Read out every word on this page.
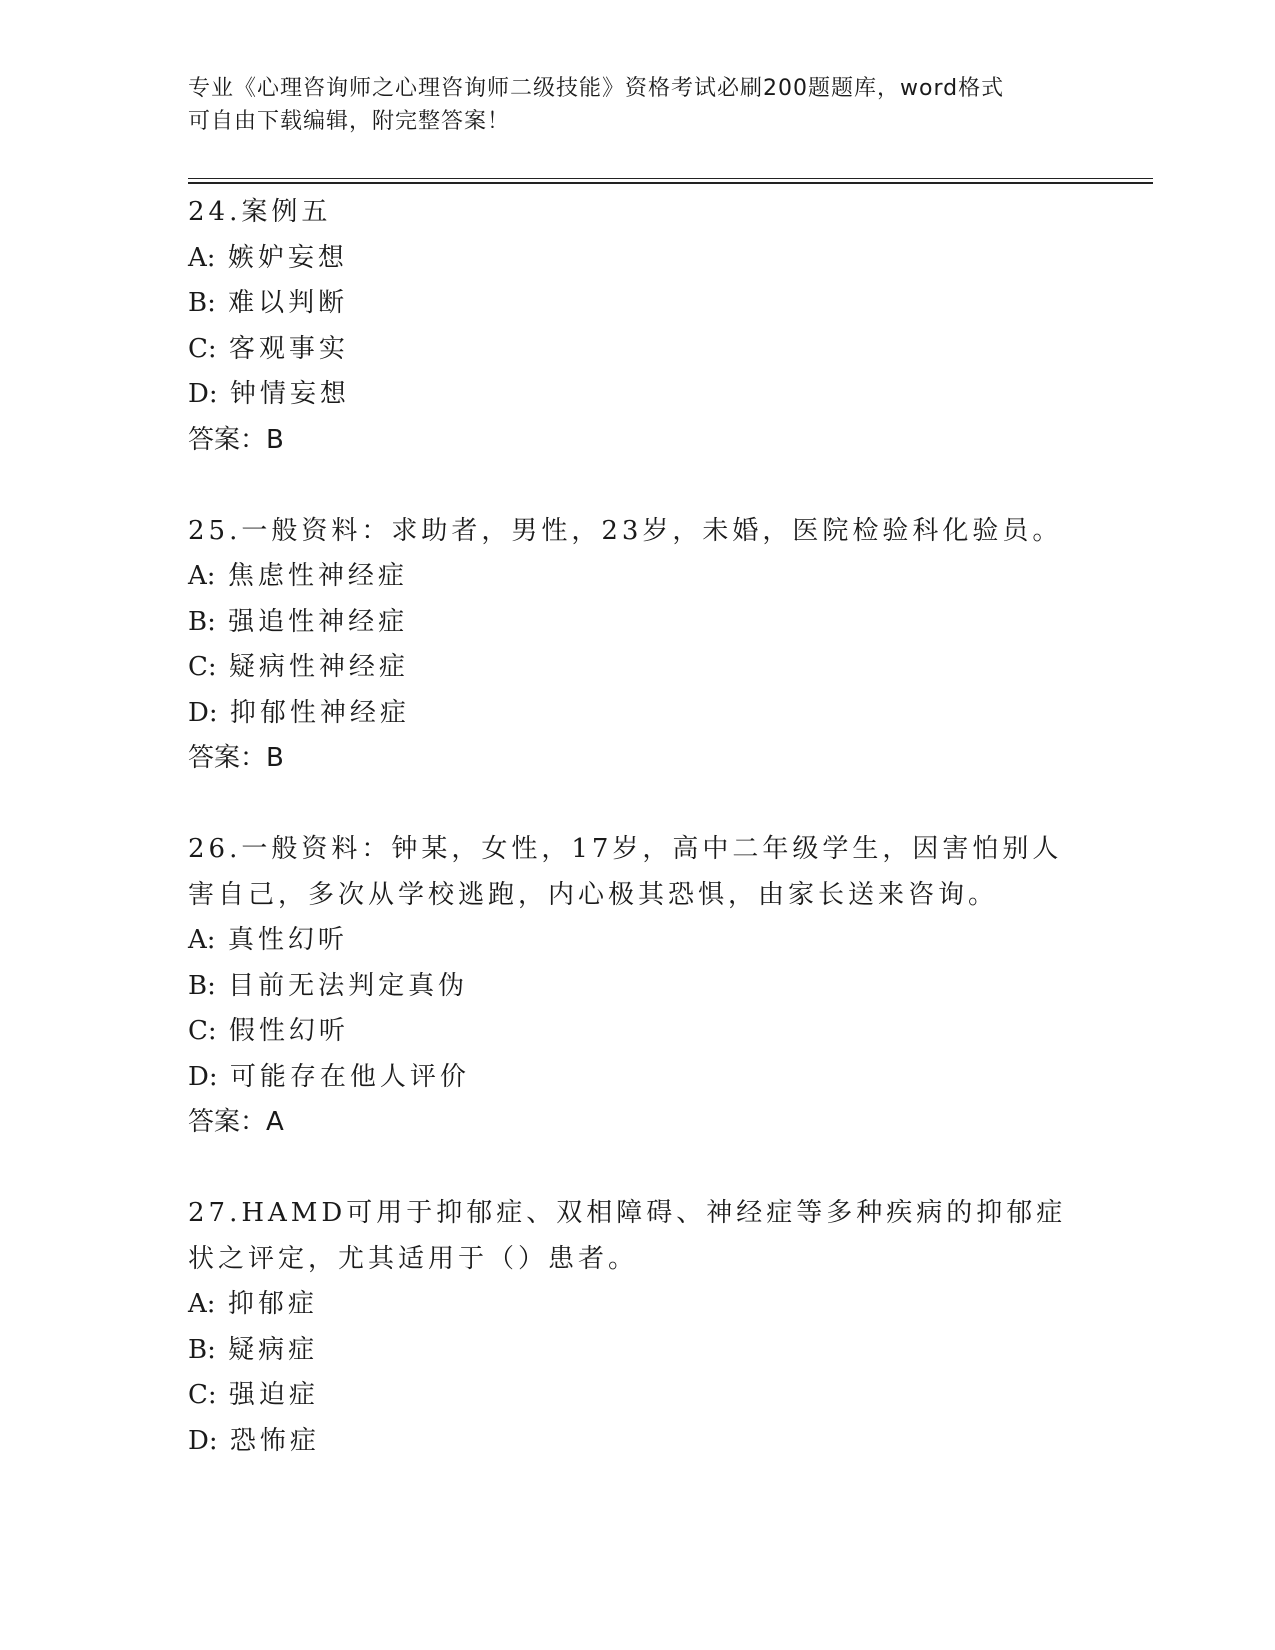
专业《心理咨询师之心理咨询师二级技能》资格考试必刷200题题库，word格式
可自由下载编辑，附完整答案！

24.案例五

A: 嫉妒妄想

B: 难以判断

C: 客观事实

D: 钟情妄想

答案：B

25.一般资料：求助者，男性，23岁，未婚，医院检验科化验员。

A: 焦虑性神经症

B: 强追性神经症

C: 疑病性神经症

D: 抑郁性神经症

答案：B

26.一般资料：钟某，女性，17岁，高中二年级学生，因害怕别人害自己，多次从学校逃跑，内心极其恐惧，由家长送来咨询。

A: 真性幻听

B: 目前无法判定真伪

C: 假性幻听

D: 可能存在他人评价

答案：A

27.HAMD可用于抑郁症、双相障碍、神经症等多种疾病的抑郁症状之评定，尤其适用于（）患者。

A: 抑郁症

B: 疑病症

C: 强迫症

D: 恐怖症
